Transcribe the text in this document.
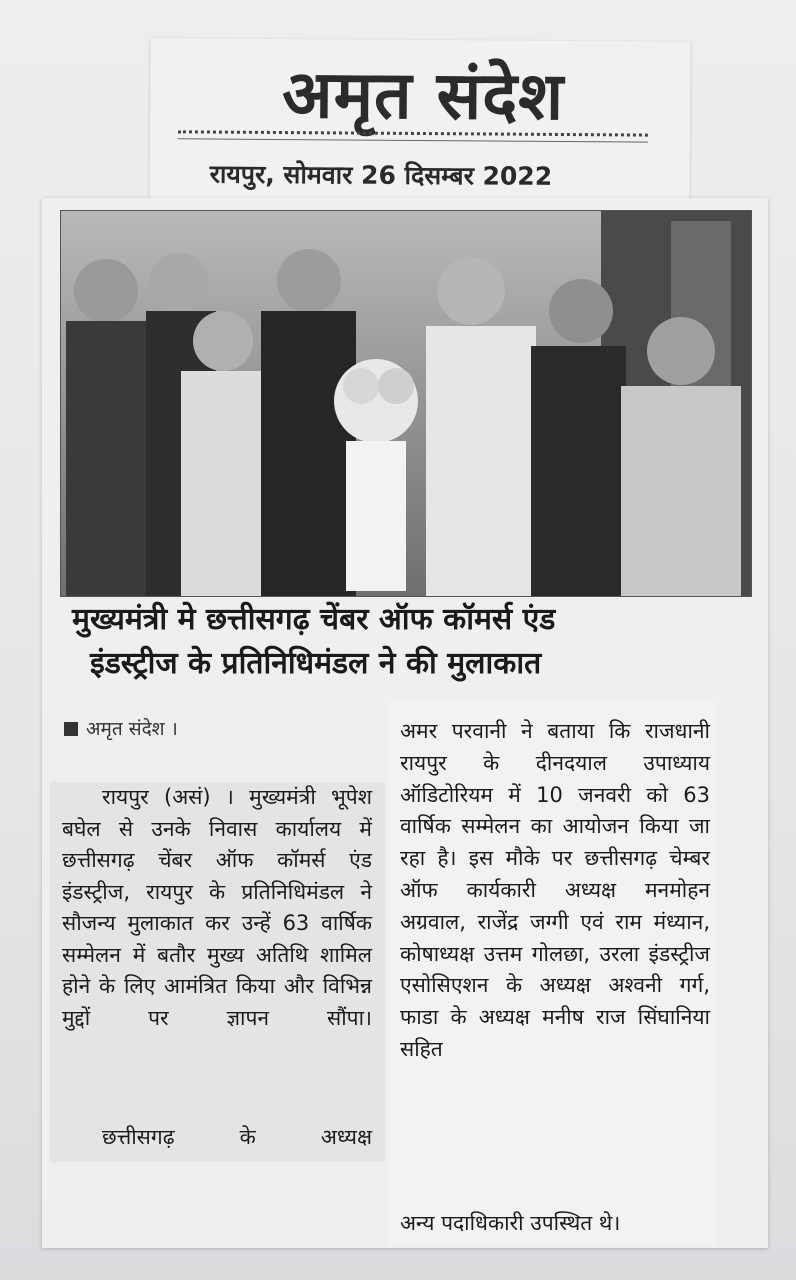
अमृत संदेश
रायपुर, सोमवार 26 दिसम्बर 2022
मुख्यमंत्री मे छत्तीसगढ़ चेंबर ऑफ कॉमर्स एंड
इंडस्ट्रीज के प्रतिनिधिमंडल ने की मुलाकात
अमृत संदेश ।
रायपुर (असं) । मुख्यमंत्री भूपेश बघेल से उनके निवास कार्यालय में छत्तीसगढ़ चेंबर ऑफ कॉमर्स एंड इंडस्ट्रीज, रायपुर के प्रतिनिधिमंडल ने सौजन्य मुलाकात कर उन्हें 63 वार्षिक सम्मेलन में बतौर मुख्य अतिथि शामिल होने के लिए आमंत्रित किया और विभिन्न मुद्दों पर ज्ञापन सौंपा।
छत्तीसगढ़ के अध्यक्ष
अमर परवानी ने बताया कि राजधानी रायपुर के दीनदयाल उपाध्याय ऑडिटोरियम में 10 जनवरी को 63 वार्षिक सम्मेलन का आयोजन किया जा रहा है। इस मौके पर छत्तीसगढ़ चेम्बर ऑफ कार्यकारी अध्यक्ष मनमोहन अग्रवाल, राजेंद्र जग्गी एवं राम मंध्यान, कोषाध्यक्ष उत्तम गोलछा, उरला इंडस्ट्रीज एसोसिएशन के अध्यक्ष अश्वनी गर्ग, फाडा के अध्यक्ष मनीष राज सिंघानिया सहित
अन्य पदाधिकारी उपस्थित थे।
